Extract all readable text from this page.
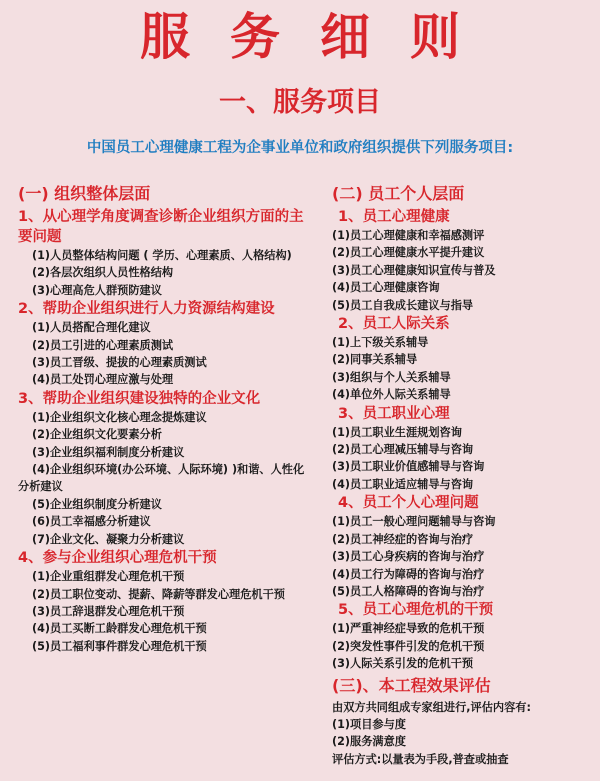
服务细则
一、服务项目
中国员工心理健康工程为企事业单位和政府组织提供下列服务项目:
(一) 组织整体层面
1、从心理学角度调查诊断企业组织方面的主要问题
(1)人员整体结构问题 ( 学历、心理素质、人格结构)
(2)各层次组织人员性格结构
(3)心理高危人群预防建议
2、帮助企业组织进行人力资源结构建设
(1)人员搭配合理化建议
(2)员工引进的心理素质测试
(3)员工晋级、提拔的心理素质测试
(4)员工处罚心理应激与处理
3、帮助企业组织建设独特的企业文化
(1)企业组织文化核心理念提炼建议
(2)企业组织文化要素分析
(3)企业组织福利制度分析建议
(4)企业组织环境(办公环境、人际环境) )和谐、人性化分析建议
(5)企业组织制度分析建议
(6)员工幸福感分析建议
(7)企业文化、凝聚力分析建议
4、参与企业组织心理危机干预
(1)企业重组群发心理危机干预
(2)员工职位变动、提薪、降薪等群发心理危机干预
(3)员工辞退群发心理危机干预
(4)员工买断工龄群发心理危机干预
(5)员工福利事件群发心理危机干预
(二) 员工个人层面
1、员工心理健康
(1)员工心理健康和幸福感测评
(2)员工心理健康水平提升建议
(3)员工心理健康知识宣传与普及
(4)员工心理健康咨询
(5)员工自我成长建议与指导
2、员工人际关系
(1)上下级关系辅导
(2)同事关系辅导
(3)组织与个人关系辅导
(4)单位外人际关系辅导
3、员工职业心理
(1)员工职业生涯规划咨询
(2)员工心理减压辅导与咨询
(3)员工职业价值感辅导与咨询
(4)员工职业适应辅导与咨询
4、员工个人心理问题
(1)员工一般心理问题辅导与咨询
(2)员工神经症的咨询与治疗
(3)员工心身疾病的咨询与治疗
(4)员工行为障碍的咨询与治疗
(5)员工人格障碍的咨询与治疗
5、员工心理危机的干预
(1)严重神经症导致的危机干预
(2)突发性事件引发的危机干预
(3)人际关系引发的危机干预
(三)、本工程效果评估
由双方共同组成专家组进行,评估内容有:
(1)项目参与度
(2)服务满意度
评估方式:以量表为手段,普查或抽查
